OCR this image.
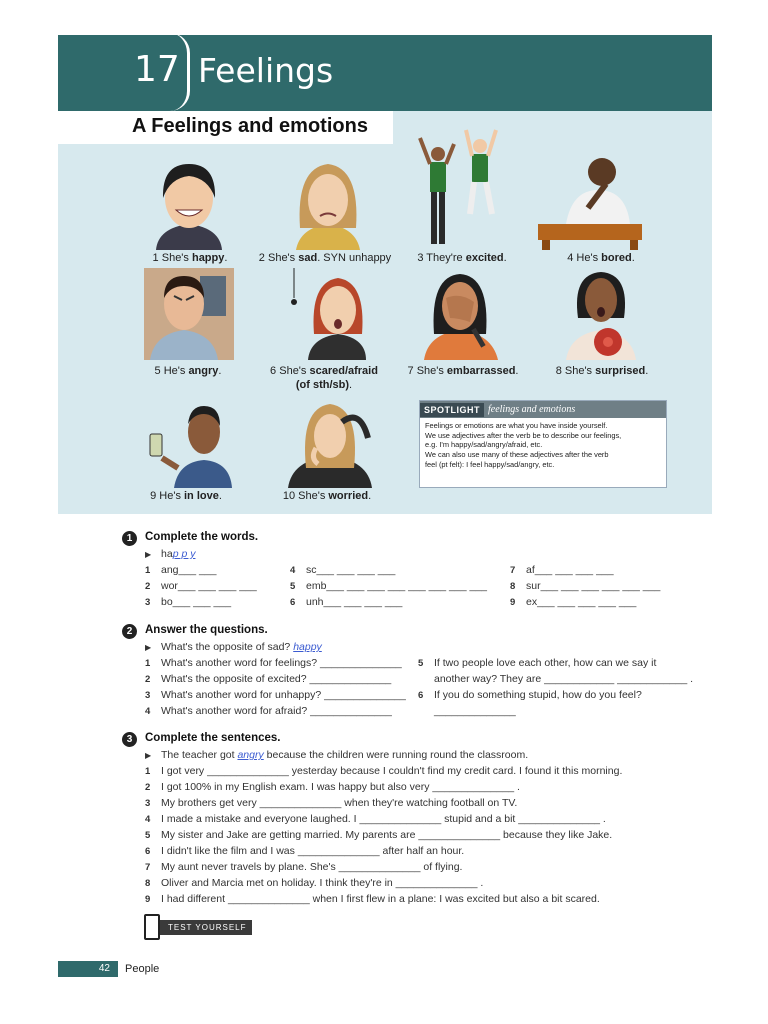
17 Feelings
A Feelings and emotions
1 She's happy.	2 She's sad. SYN unhappy	3 They're excited.	4 He's bored.
5 He's angry.	6 She's scared/afraid (of sth/sb).
7 She's embarrassed.	8 She's surprised.
9 He's in love.	10 She's worried.
SPOTLIGHT feelings and emotions
Feelings or emotions are what you have inside yourself.
We use adjectives after the verb be to describe our feelings,
e.g. I'm happy/sad/angry/afraid, etc.
We can also use many of these adjectives after the verb
feel (pt felt): I feel happy/sad/angry, etc.
1	Complete the words.
▶ hap p y
1 ang___ ___
2 wor___ ___ ___ ___
3 bo___ ___ ___
4 sc___ ___ ___ ___
5 emb___ ___ ___ ___ ___ ___ ___ ___
6 unh___ ___ ___ ___
7 af___ ___ ___ ___
8 sur___ ___ ___ ___ ___ ___
9 ex___ ___ ___ ___ ___
2	Answer the questions.
▶ What's the opposite of sad? happy
1 What's another word for feelings? ______________
2 What's the opposite of excited? ______________
3 What's another word for unhappy? ______________
4 What's another word for afraid? ______________
5 If two people love each other, how can we say it
another way? They are ____________ ____________ .
6 If you do something stupid, how do you feel?
______________
3	Complete the sentences.
▶ The teacher got angry because the children were running round the classroom.
1 I got very ______________ yesterday because I couldn't find my credit card. I found it this morning.
2 I got 100% in my English exam. I was happy but also very ______________ .
3 My brothers get very ______________ when they're watching football on TV.
4 I made a mistake and everyone laughed. I ______________ stupid and a bit ______________ .
5 My sister and Jake are getting married. My parents are ______________ because they like Jake.
6 I didn't like the film and I was ______________ after half an hour.
7 My aunt never travels by plane. She's ______________ of flying.
8 Oliver and Marcia met on holiday. I think they're in ______________ .
9 I had different ______________ when I first flew in a plane: I was excited but also a bit scared.
TEST YOURSELF
42	People
